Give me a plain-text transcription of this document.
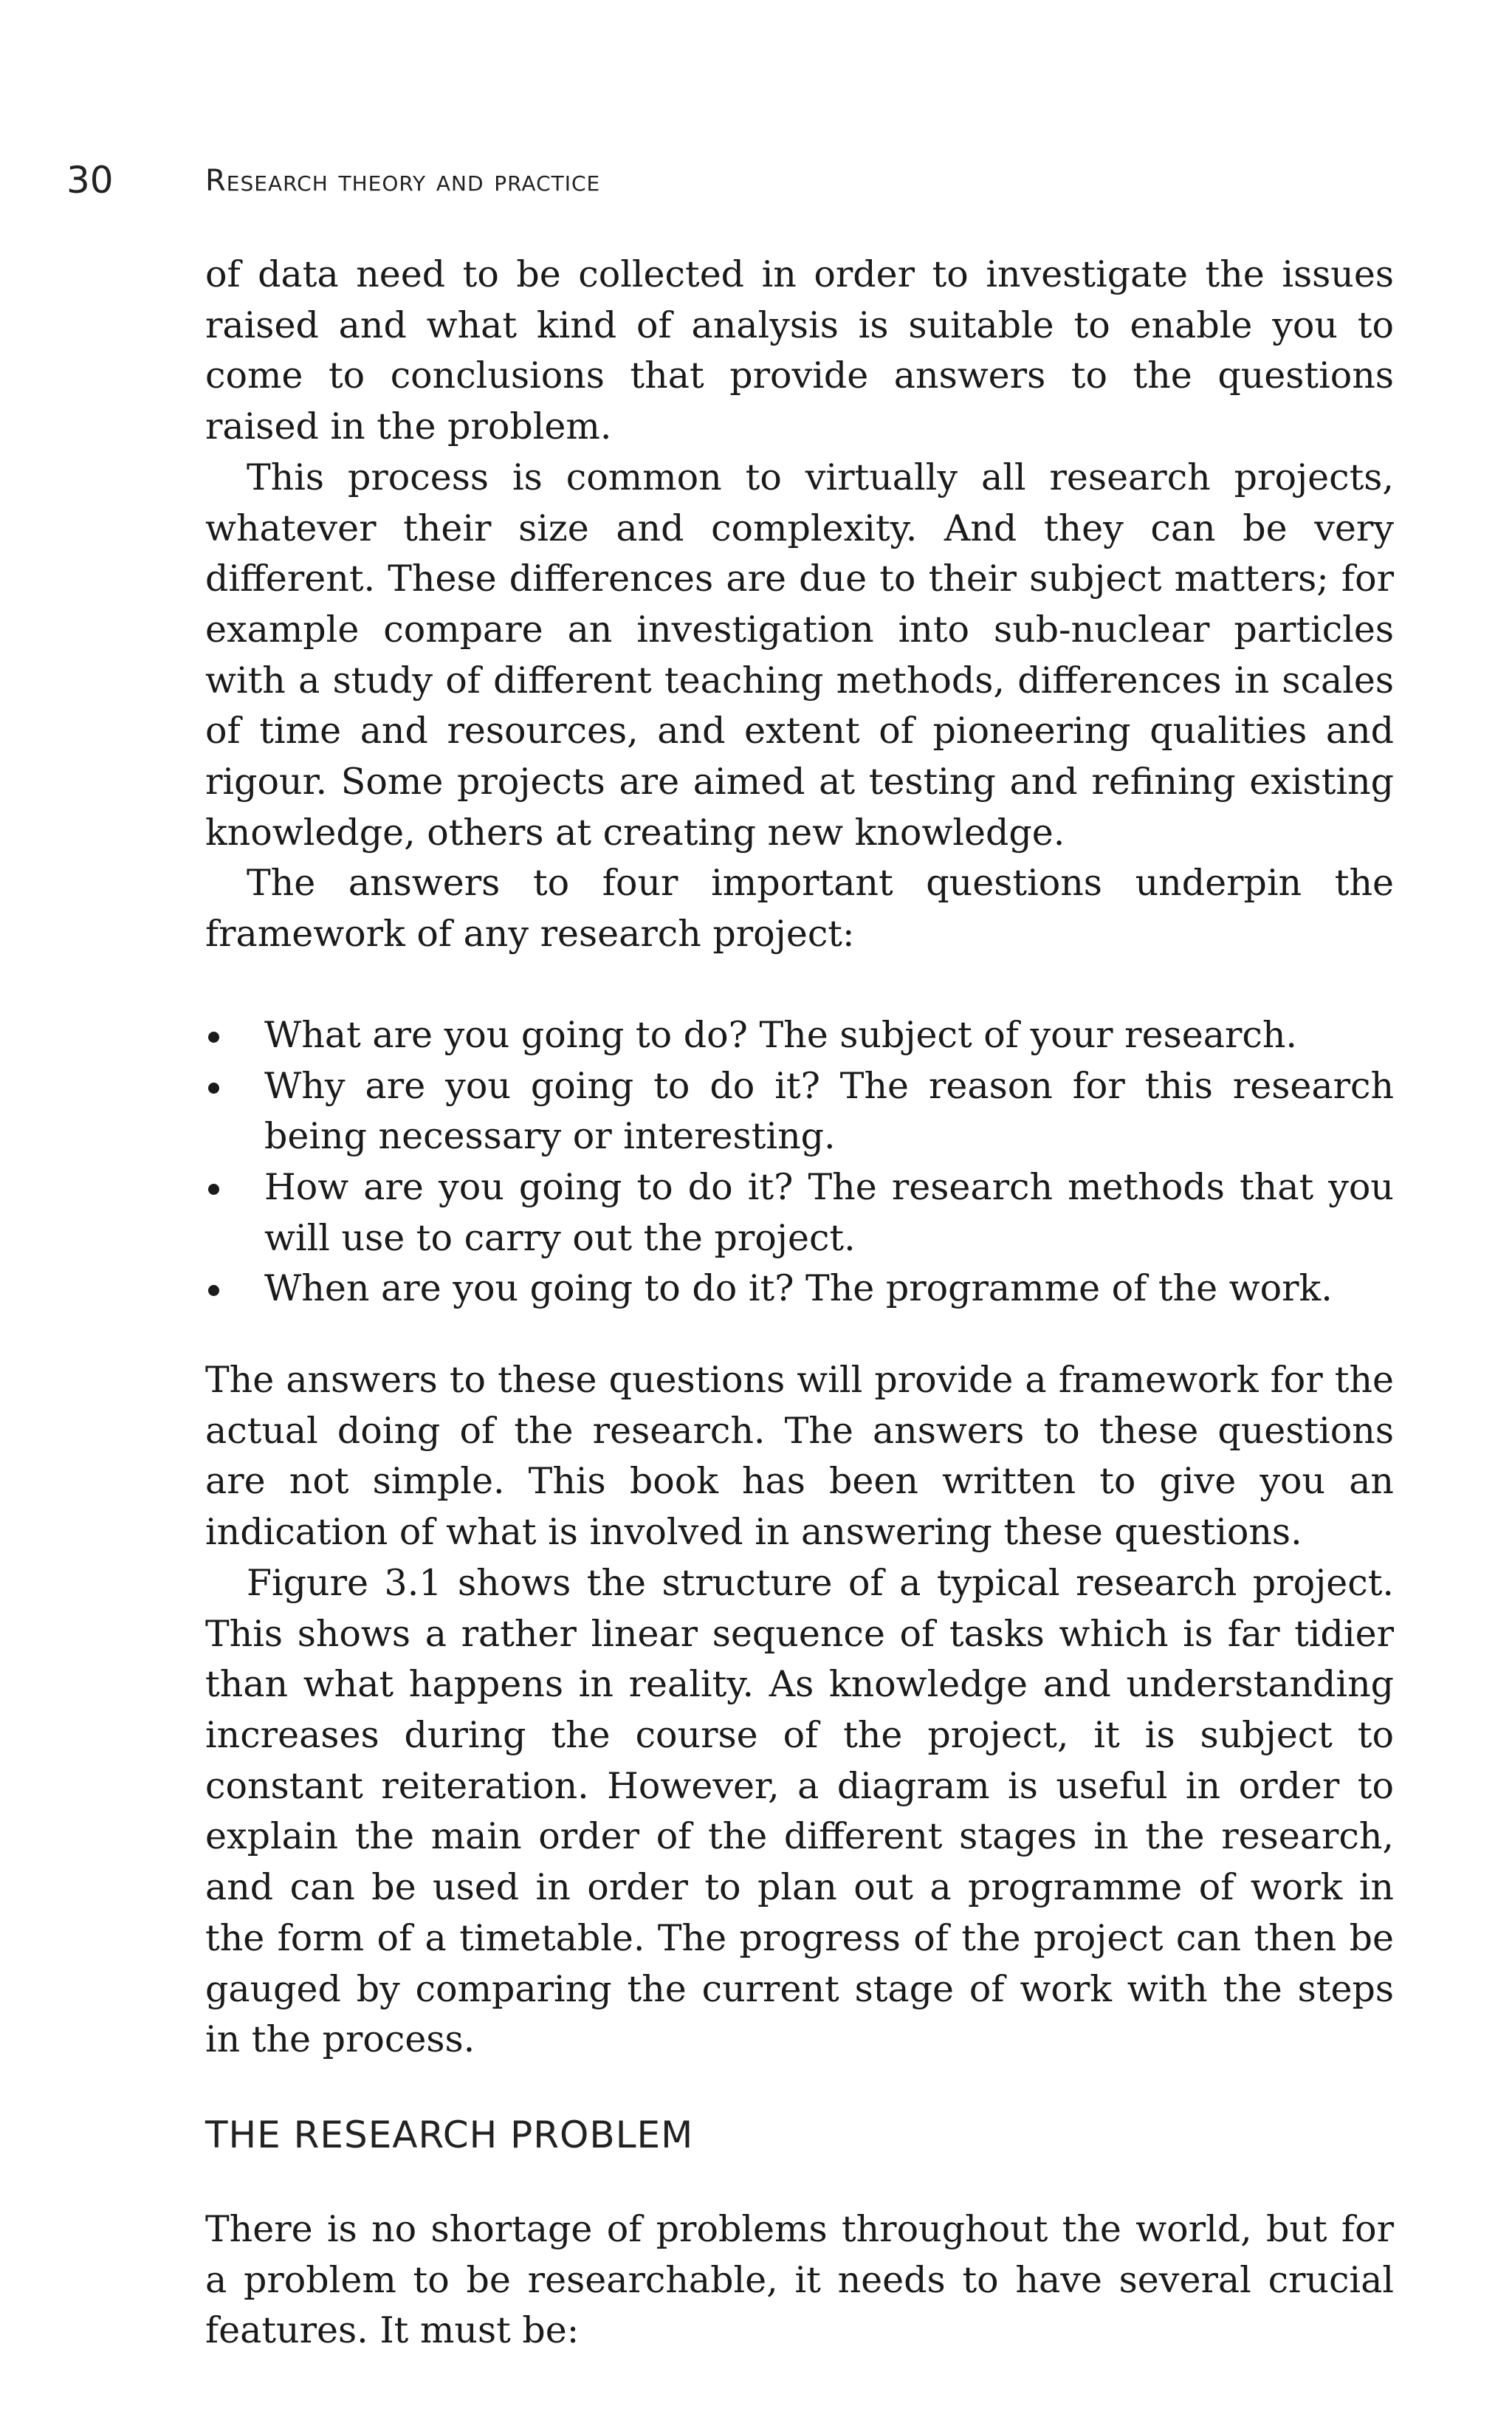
30	Research theory and practice

of data need to be collected in order to investigate the issues raised and what kind of analysis is suitable to enable you to come to conclusions that provide answers to the questions raised in the problem.

This process is common to virtually all research projects, whatever their size and complexity. And they can be very different. These differences are due to their subject matters; for example compare an investigation into sub-nuclear particles with a study of different teaching methods, differences in scales of time and resources, and extent of pioneering qualities and rigour. Some projects are aimed at testing and refining existing knowledge, others at creating new knowledge.

The answers to four important questions underpin the framework of any research project:

What are you going to do? The subject of your research.
Why are you going to do it? The reason for this research being necessary or interesting.
How are you going to do it? The research methods that you will use to carry out the project.
When are you going to do it? The programme of the work.

The answers to these questions will provide a framework for the actual doing of the research. The answers to these questions are not simple. This book has been written to give you an indication of what is involved in answering these questions.

Figure 3.1 shows the structure of a typical research project. This shows a rather linear sequence of tasks which is far tidier than what happens in reality. As knowledge and understanding increases during the course of the project, it is subject to constant reiteration. However, a diagram is useful in order to explain the main order of the different stages in the research, and can be used in order to plan out a programme of work in the form of a timetable. The progress of the project can then be gauged by comparing the current stage of work with the steps in the process.

THE RESEARCH PROBLEM

There is no shortage of problems throughout the world, but for a problem to be researchable, it needs to have several crucial features. It must be:
